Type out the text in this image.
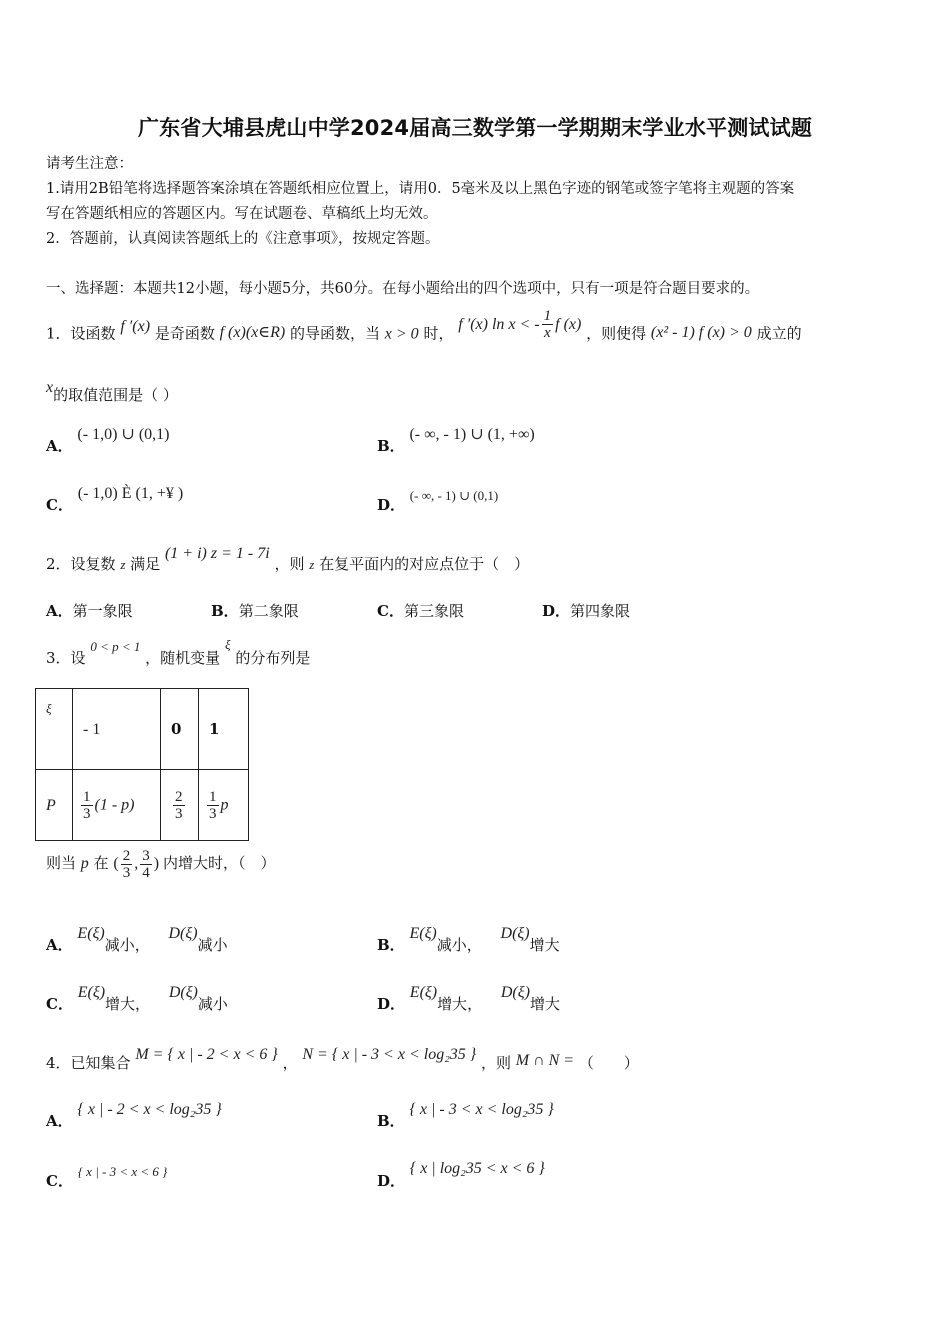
广东省大埔县虎山中学2024届高三数学第一学期期末学业水平测试试题
请考生注意：
1.请用2B铅笔将选择题答案涂填在答题纸相应位置上，请用0．5毫米及以上黑色字迹的钢笔或签字笔将主观题的答案
写在答题纸相应的答题区内。写在试题卷、草稿纸上均无效。
2．答题前，认真阅读答题纸上的《注意事项》，按规定答题。
一、选择题：本题共12小题，每小题5分，共60分。在每小题给出的四个选项中，只有一项是符合题目要求的。
1．设函数 f ′(x) 是奇函数 f (x)(x∈R) 的导函数，当 x > 0 时， f ′(x) ln x < - $\frac{1}{x}$ f (x) ，则使得 (x² - 1) f (x) > 0 成立的
x的取值范围是（ ）
A． (- 1,0) ∪ (0,1)
B． (- ∞, - 1) ∪ (1, +∞)
C． (- 1,0) È (1, +¥ )
D． (- ∞, - 1) ∪ (0,1)
2．设复数 z 满足 (1 + i) z = 1 - 7i ，则 z 在复平面内的对应点位于（　）
A．第一象限	B．第二象限	C．第三象限	D．第四象限
3．设 0 < p < 1 ，随机变量 ξ 的分布列是
ξ	- 1	0	1
P	$\frac{1}{3} (1 - p)$	$\frac{2}{3}$	$\frac{1}{3}$ p
则当 p 在 ( $\frac{2}{3}$ , $\frac{3}{4}$ ) 内增大时，（　）
A． E(ξ)减小， D(ξ)减小	B． E(ξ)减小， D(ξ)增大
C． E(ξ)增大， D(ξ)减小	D． E(ξ)增大， D(ξ)增大
4．已知集合 M = { x | - 2 < x < 6 } ， N = { x | - 3 < x < log₂35 } ，则 M ∩ N = （　　）
A． { x | - 2 < x < log₂35 }
B． { x | - 3 < x < log₂35 }
C． { x | - 3 < x < 6 }
D． { x | log₂35 < x < 6 }
